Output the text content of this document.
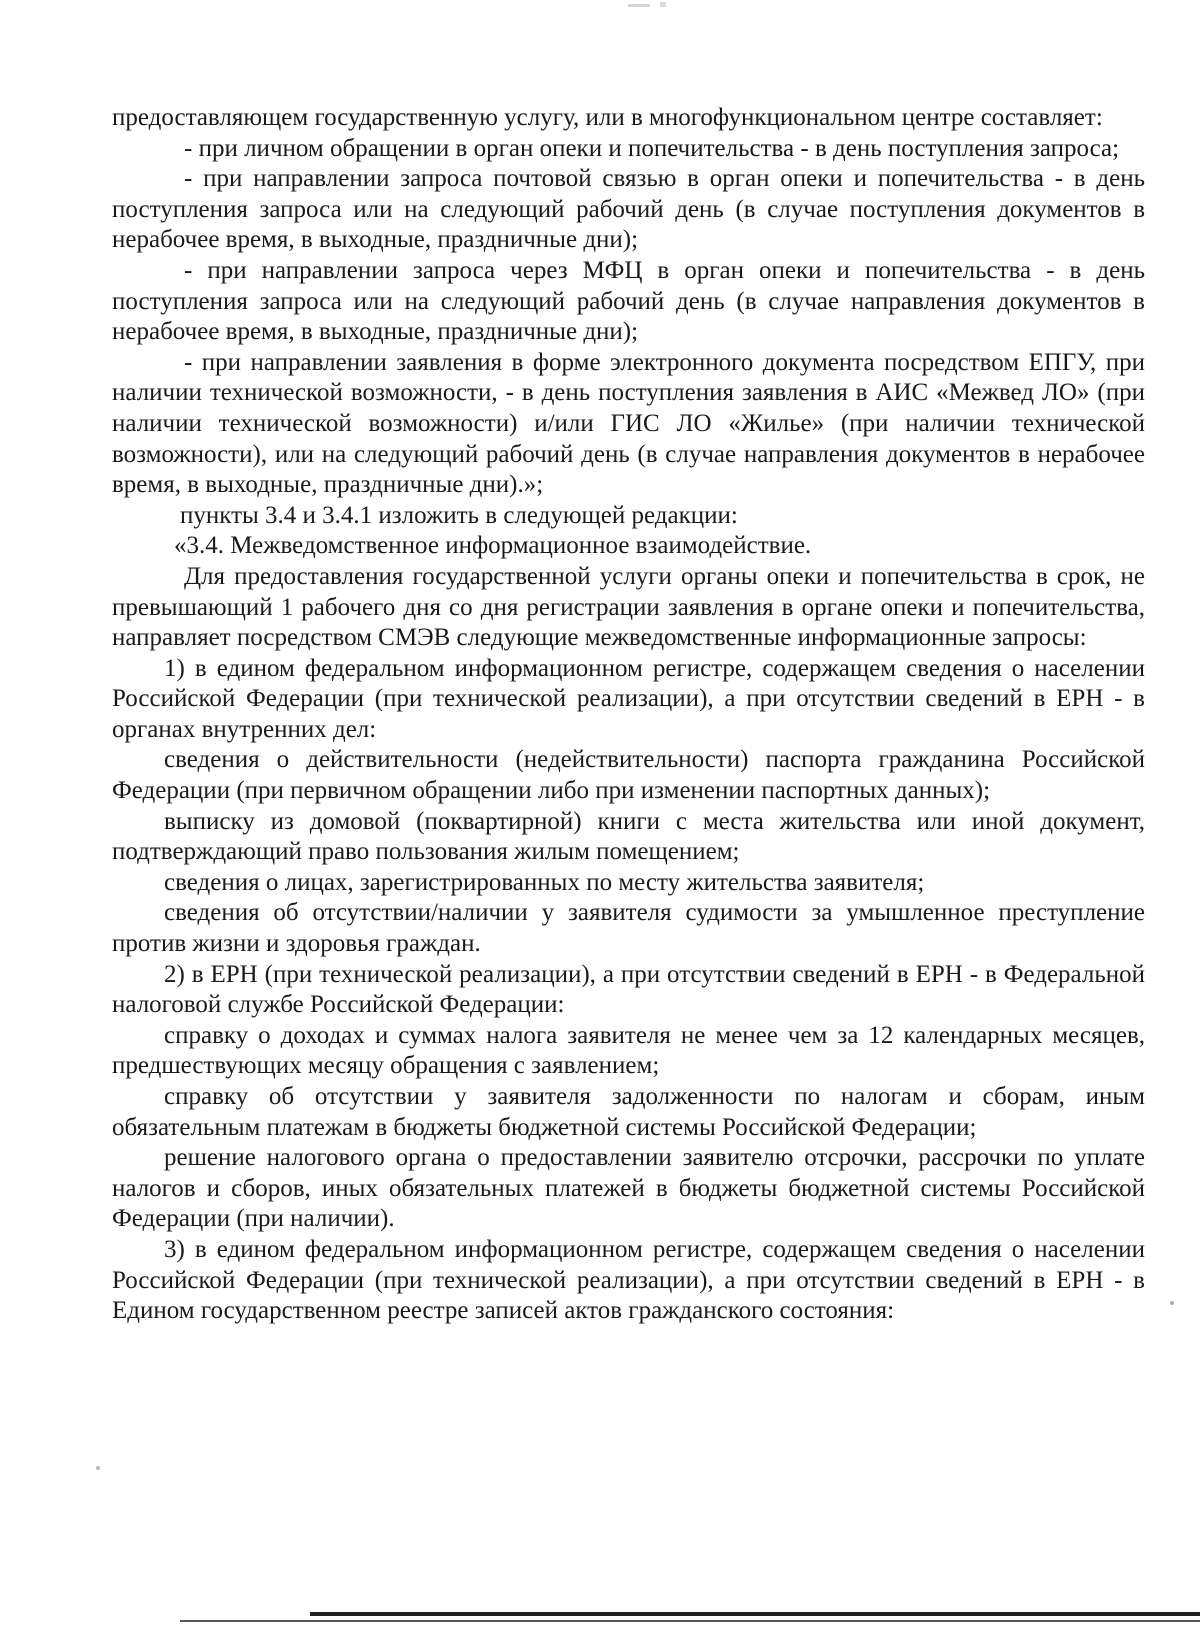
предоставляющем государственную услугу, или в многофункциональном центре составляет:

- при личном обращении в орган опеки и попечительства - в день поступления запроса;

- при направлении запроса почтовой связью в орган опеки и попечительства - в день поступления запроса или на следующий рабочий день (в случае поступления документов в нерабочее время, в выходные, праздничные дни);

- при направлении запроса через МФЦ в орган опеки и попечительства - в день поступления запроса или на следующий рабочий день (в случае направления документов в нерабочее время, в выходные, праздничные дни);

- при направлении заявления в форме электронного документа посредством ЕПГУ, при наличии технической возможности, - в день поступления заявления в АИС «Межвед ЛО» (при наличии технической возможности) и/или ГИС ЛО «Жилье» (при наличии технической возможности), или на следующий рабочий день (в случае направления документов в нерабочее время, в выходные, праздничные дни).»;

пункты 3.4 и 3.4.1 изложить в следующей редакции:

«3.4. Межведомственное информационное взаимодействие.

Для предоставления государственной услуги органы опеки и попечительства в срок, не превышающий 1 рабочего дня со дня регистрации заявления в органе опеки и попечительства, направляет посредством СМЭВ следующие межведомственные информационные запросы:

1) в едином федеральном информационном регистре, содержащем сведения о населении Российской Федерации (при технической реализации), а при отсутствии сведений в ЕРН - в органах внутренних дел:

сведения о действительности (недействительности) паспорта гражданина Российской Федерации (при первичном обращении либо при изменении паспортных данных);

выписку из домовой (поквартирной) книги с места жительства или иной документ, подтверждающий право пользования жилым помещением;

сведения о лицах, зарегистрированных по месту жительства заявителя;

сведения об отсутствии/наличии у заявителя судимости за умышленное преступление против жизни и здоровья граждан.

2) в ЕРН (при технической реализации), а при отсутствии сведений в ЕРН - в Федеральной налоговой службе Российской Федерации:

справку о доходах и суммах налога заявителя не менее чем за 12 календарных месяцев, предшествующих месяцу обращения с заявлением;

справку об отсутствии у заявителя задолженности по налогам и сборам, иным обязательным платежам в бюджеты бюджетной системы Российской Федерации;

решение налогового органа о предоставлении заявителю отсрочки, рассрочки по уплате налогов и сборов, иных обязательных платежей в бюджеты бюджетной системы Российской Федерации (при наличии).

3) в едином федеральном информационном регистре, содержащем сведения о населении Российской Федерации (при технической реализации), а при отсутствии сведений в ЕРН - в Едином государственном реестре записей актов гражданского состояния:
